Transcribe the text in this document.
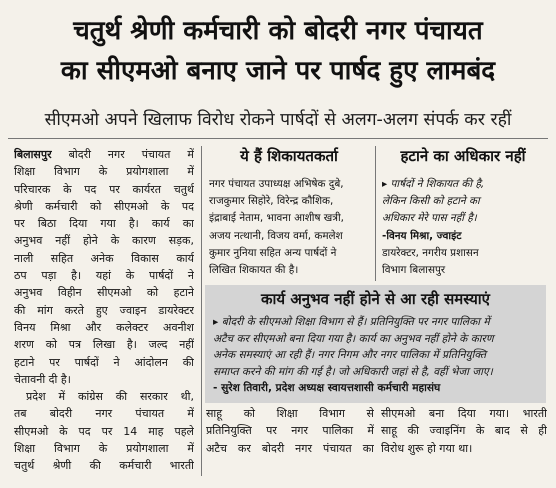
चतुर्थ श्रेणी कर्मचारी को बोदरी नगर पंचायत
का सीएमओ बनाए जाने पर पार्षद हुए लामबंद
सीएमओ अपने खिलाफ विरोध रोकने पार्षदों से अलग-अलग संपर्क कर रहीं
बिलासपुर बोदरी नगर पंचायत में
शिक्षा विभाग के प्रयोगशाला में
परिचारक के पद पर कार्यरत चतुर्थ
श्रेणी कर्मचारी को सीएमओ के पद
पर बिठा दिया गया है। कार्य का
अनुभव नहीं होने के कारण सड़क,
नाली सहित अनेक विकास कार्य
ठप पड़ा है। यहां के पार्षदों ने
अनुभव विहीन सीएमओ को हटाने
की मांग करते हुए ज्वाइन डायरेक्टर
विनय मिश्रा और कलेक्टर अवनीश
शरण को पत्र लिखा है। जल्द नहीं
हटाने पर पार्षदों ने आंदोलन की
चेतावनी दी है।
प्रदेश में कांग्रेस की सरकार थी,
तब बोदरी नगर पंचायत में
सीएमओ के पद पर 14 माह पहले
शिक्षा विभाग के प्रयोगशाला में
चतुर्थ श्रेणी की कर्मचारी भारती
ये हैं शिकायतकर्ता
नगर पंचायत उपाध्यक्ष अभिषेक दुबे,
राजकुमार सिहोरे, विरेन्द्र कौशिक,
इंद्राबाई नेताम, भावना आशीष खत्री,
अजय नत्थानी, विजय वर्मा, कमलेश
कुमार नुनिया सहित अन्य पार्षदों ने
लिखित शिकायत की है।
हटाने का अधिकार नहीं
▸ पार्षदों ने शिकायत की है,
लेकिन किसी को हटाने का
अधिकार मेरे पास नहीं है।
-विनय मिश्रा, ज्वाइंट
डायरेक्टर, नगरीय प्रशासन
विभाग बिलासपुर
कार्य अनुभव नहीं होने से आ रही समस्याएं
▸ बोदरी के सीएमओ शिक्षा विभाग से हैं। प्रतिनियुक्ति पर नगर पालिका में
अटैच कर सीएमओ बना दिया गया है। कार्य का अनुभव नहीं होने के कारण
अनेक समस्याएं आ रही हैं। नगर निगम और नगर पालिका में प्रतिनियुक्ति
समाप्त करने की मांग की गई है। जो अधिकारी जहां से है, वहीं भेजा जाए।
- सुरेश तिवारी, प्रदेश अध्यक्ष स्वायत्तशासी कर्मचारी महासंघ
साहू को शिक्षा विभाग से
प्रतिनियुक्ति पर नगर पालिका में
अटैच कर बोदरी नगर पंचायत का
सीएमओ बना दिया गया। भारती
साहू की ज्वाइनिंग के बाद से ही
विरोध शुरू हो गया था।
